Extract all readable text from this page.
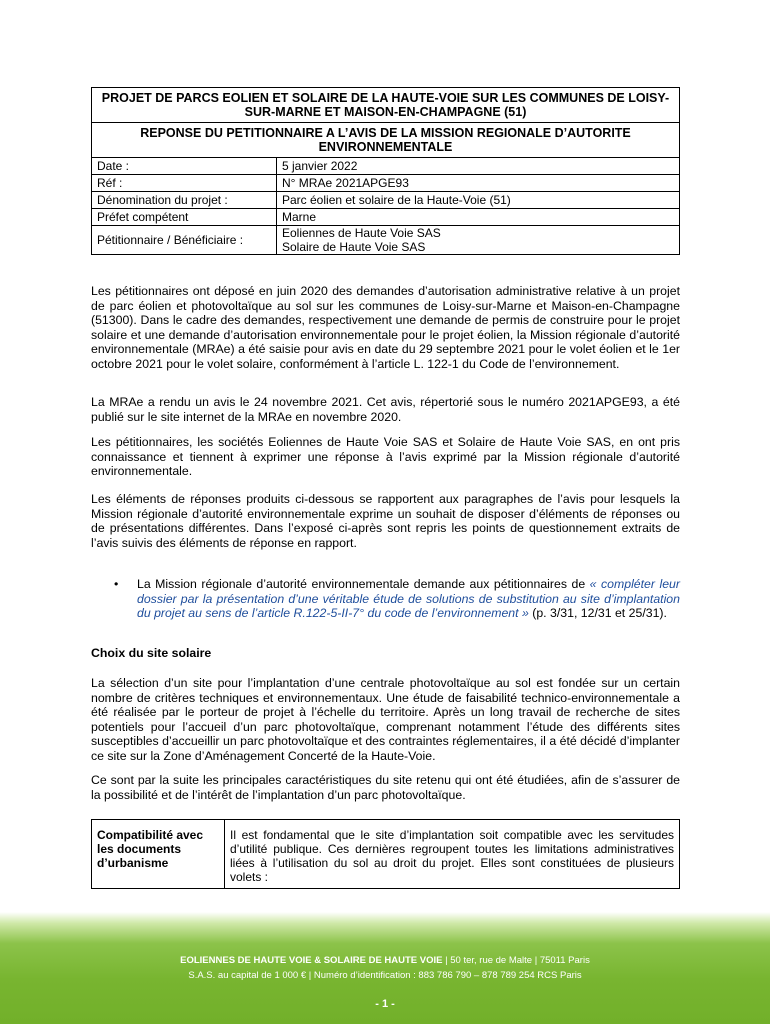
PROJET DE PARCS EOLIEN ET SOLAIRE DE LA HAUTE-VOIE SUR LES COMMUNES DE LOISY-SUR-MARNE ET MAISON-EN-CHAMPAGNE (51)	
REPONSE DU PETITIONNAIRE A L’AVIS DE LA MISSION REGIONALE D’AUTORITE ENVIRONNEMENTALE	
Date :	5 janvier 2022
Réf :	N° MRAe 2021APGE93
Dénomination du projet :	Parc éolien et solaire de la Haute-Voie (51)
Préfet compétent	Marne
Pétitionnaire / Bénéficiaire :	Eoliennes de Haute Voie SAS
Solaire de Haute Voie SAS

Les pétitionnaires ont déposé en juin 2020 des demandes d’autorisation administrative relative à un projet de parc éolien et photovoltaïque au sol sur les communes de Loisy-sur-Marne et Maison-en-Champagne (51300). Dans le cadre des demandes, respectivement une demande de permis de construire pour le projet solaire et une demande d’autorisation environnementale pour le projet éolien, la Mission régionale d’autorité environnementale (MRAe) a été saisie pour avis en date du 29 septembre 2021 pour le volet éolien et le 1er octobre 2021 pour le volet solaire, conformément à l’article L. 122-1 du Code de l’environnement.

La MRAe a rendu un avis le 24 novembre 2021. Cet avis, répertorié sous le numéro 2021APGE93, a été publié sur le site internet de la MRAe en novembre 2020.

Les pétitionnaires, les sociétés Eoliennes de Haute Voie SAS et Solaire de Haute Voie SAS, en ont pris connaissance et tiennent à exprimer une réponse à l’avis exprimé par la Mission régionale d’autorité environnementale.

Les éléments de réponses produits ci-dessous se rapportent aux paragraphes de l’avis pour lesquels la Mission régionale d’autorité environnementale exprime un souhait de disposer d’éléments de réponses ou de présentations différentes. Dans l’exposé ci-après sont repris les points de questionnement extraits de l’avis suivis des éléments de réponse en rapport.

• La Mission régionale d’autorité environnementale demande aux pétitionnaires de « compléter leur dossier par la présentation d’une véritable étude de solutions de substitution au site d’implantation du projet au sens de l’article R.122-5-II-7° du code de l’environnement » (p. 3/31, 12/31 et 25/31).

Choix du site solaire

La sélection d’un site pour l’implantation d’une centrale photovoltaïque au sol est fondée sur un certain nombre de critères techniques et environnementaux. Une étude de faisabilité technico-environnementale a été réalisée par le porteur de projet à l’échelle du territoire. Après un long travail de recherche de sites potentiels pour l’accueil d’un parc photovoltaïque, comprenant notamment l’étude des différents sites susceptibles d’accueillir un parc photovoltaïque et des contraintes réglementaires, il a été décidé d’implanter ce site sur la Zone d’Aménagement Concerté de la Haute-Voie.

Ce sont par la suite les principales caractéristiques du site retenu qui ont été étudiées, afin de s’assurer de la possibilité et de l’intérêt de l’implantation d’un parc photovoltaïque.

Compatibilité avec les documents d’urbanisme	Il est fondamental que le site d’implantation soit compatible avec les servitudes d’utilité publique. Ces dernières regroupent toutes les limitations administratives liées à l’utilisation du sol au droit du projet. Elles sont constituées de plusieurs volets :
EOLIENNES DE HAUTE VOIE & SOLAIRE DE HAUTE VOIE | 50 ter, rue de Malte | 75011 Paris
S.A.S. au capital de 1 000 € | Numéro d’identification : 883 786 790 – 878 789 254 RCS Paris
- 1 -
